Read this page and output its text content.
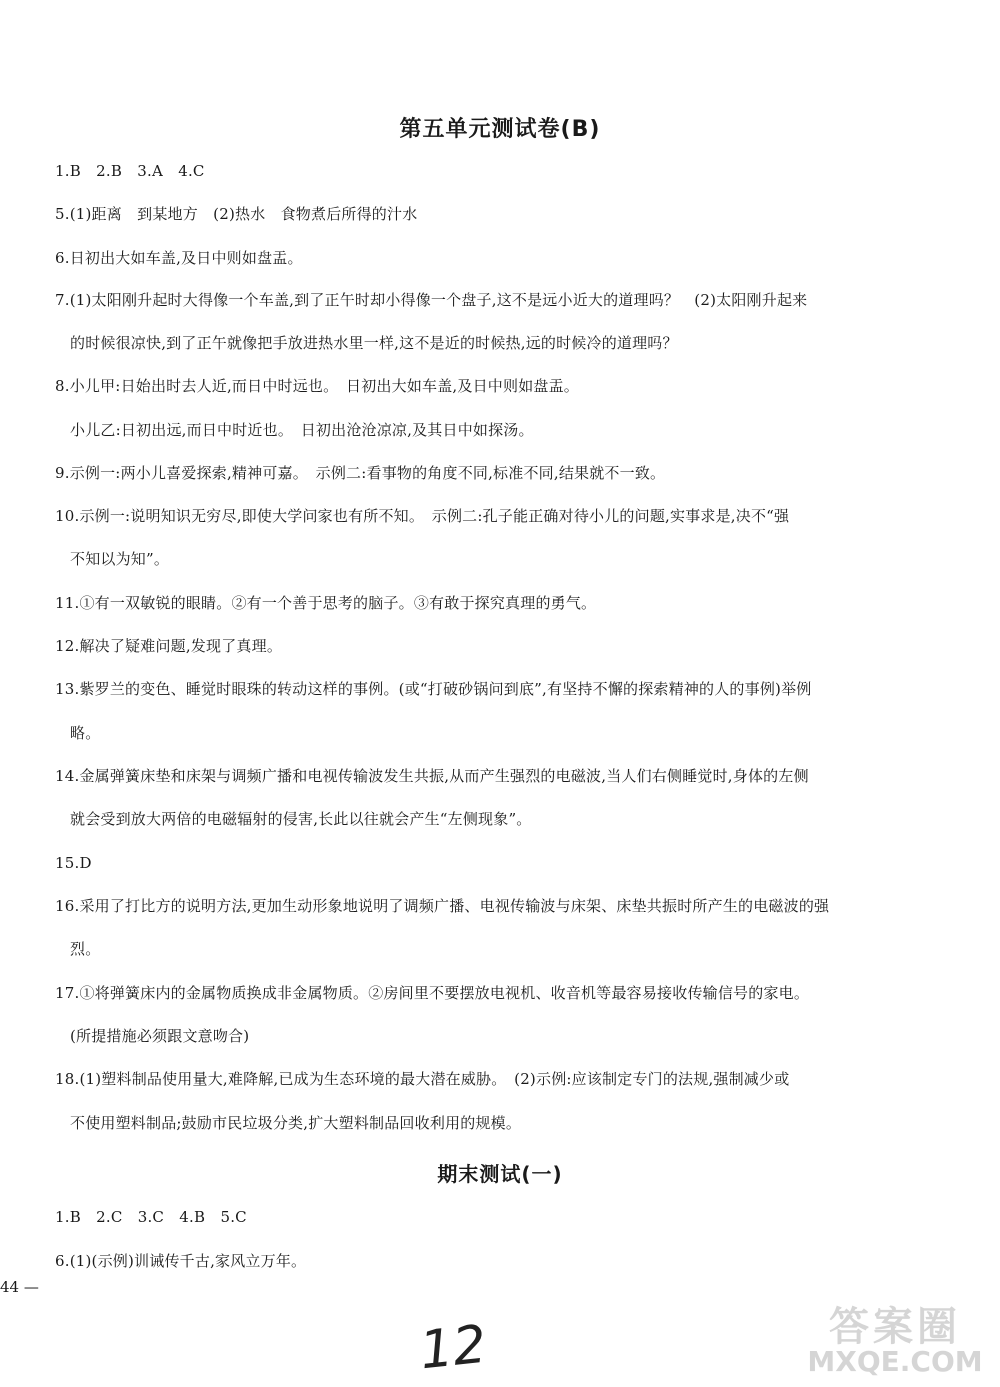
第五单元测试卷(B)
1.B　2.B　3.A　4.C
5.(1)距离　到某地方　(2)热水　食物煮后所得的汁水
6.日初出大如车盖,及日中则如盘盂。
7.(1)太阳刚升起时大得像一个车盖,到了正午时却小得像一个盘子,这不是远小近大的道理吗？　(2)太阳刚升起来
的时候很凉快,到了正午就像把手放进热水里一样,这不是近的时候热,远的时候冷的道理吗？
8.小儿甲:日始出时去人近,而日中时远也。　日初出大如车盖,及日中则如盘盂。
小儿乙:日初出远,而日中时近也。　日初出沧沧凉凉,及其日中如探汤。
9.示例一:两小儿喜爱探索,精神可嘉。　示例二:看事物的角度不同,标准不同,结果就不一致。
10.示例一:说明知识无穷尽,即使大学问家也有所不知。　示例二:孔子能正确对待小儿的问题,实事求是,决不“强
不知以为知”。
11.①有一双敏锐的眼睛。②有一个善于思考的脑子。③有敢于探究真理的勇气。
12.解决了疑难问题,发现了真理。
13.紫罗兰的变色、睡觉时眼珠的转动这样的事例。(或“打破砂锅问到底”,有坚持不懈的探索精神的人的事例)举例
略。
14.金属弹簧床垫和床架与调频广播和电视传输波发生共振,从而产生强烈的电磁波,当人们右侧睡觉时,身体的左侧
就会受到放大两倍的电磁辐射的侵害,长此以往就会产生“左侧现象”。
15.D
16.采用了打比方的说明方法,更加生动形象地说明了调频广播、电视传输波与床架、床垫共振时所产生的电磁波的强
烈。
17.①将弹簧床内的金属物质换成非金属物质。②房间里不要摆放电视机、收音机等最容易接收传输信号的家电。
(所提措施必须跟文意吻合)
18.(1)塑料制品使用量大,难降解,已成为生态环境的最大潜在威胁。　(2)示例:应该制定专门的法规,强制减少或
不使用塑料制品;鼓励市民垃圾分类,扩大塑料制品回收利用的规模。
期末测试(一)
1.B　2.C　3.C　4.B　5.C
6.(1)(示例)训诫传千古,家风立万年。
44 —
12	答案圈
MXQE.COM
